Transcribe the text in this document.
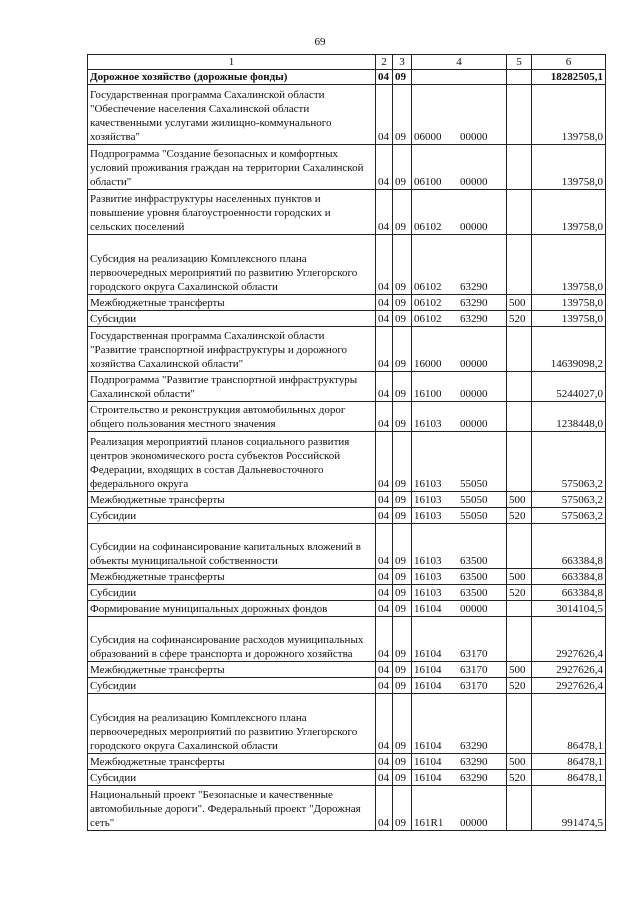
69
1	2	3	4	5	6
Дорожное хозяйство (дорожные фонды)	04	09			18282505,1
Государственная программа Сахалинской области "Обеспечение населения Сахалинской области качественными услугами жилищно-коммунального хозяйства"	04	09	06000 00000		139758,0
Подпрограмма "Создание безопасных и комфортных условий проживания граждан на территории Сахалинской области"	04	09	06100 00000		139758,0
Развитие инфраструктуры населенных пунктов и повышение уровня благоустроенности городских и сельских поселений	04	09	06102 00000		139758,0
Субсидия на реализацию Комплексного плана первоочередных мероприятий по развитию Углегорского городского округа Сахалинской области	04	09	06102 63290		139758,0
Межбюджетные трансферты	04	09	06102 63290	500	139758,0
Субсидии	04	09	06102 63290	520	139758,0
Государственная программа Сахалинской области "Развитие транспортной инфраструктуры и дорожного хозяйства Сахалинской области"	04	09	16000 00000		14639098,2
Подпрограмма "Развитие транспортной инфраструктуры Сахалинской области"	04	09	16100 00000		5244027,0
Строительство и реконструкция автомобильных дорог общего пользования местного значения	04	09	16103 00000		1238448,0
Реализация мероприятий планов социального развития центров экономического роста субъектов Российской Федерации, входящих в состав Дальневосточного федерального округа	04	09	16103 55050		575063,2
Межбюджетные трансферты	04	09	16103 55050	500	575063,2
Субсидии	04	09	16103 55050	520	575063,2
Субсидии на софинансирование капитальных вложений в объекты муниципальной собственности	04	09	16103 63500		663384,8
Межбюджетные трансферты	04	09	16103 63500	500	663384,8
Субсидии	04	09	16103 63500	520	663384,8
Формирование муниципальных дорожных фондов	04	09	16104 00000		3014104,5
Субсидия на софинансирование расходов муниципальных образований в сфере транспорта и дорожного хозяйства	04	09	16104 63170		2927626,4
Межбюджетные трансферты	04	09	16104 63170	500	2927626,4
Субсидии	04	09	16104 63170	520	2927626,4
Субсидия на реализацию Комплексного плана первоочередных мероприятий по развитию Углегорского городского округа Сахалинской области	04	09	16104 63290		86478,1
Межбюджетные трансферты	04	09	16104 63290	500	86478,1
Субсидии	04	09	16104 63290	520	86478,1
Национальный проект "Безопасные и качественные автомобильные дороги". Федеральный проект "Дорожная сеть"	04	09	161R1 00000		991474,5
